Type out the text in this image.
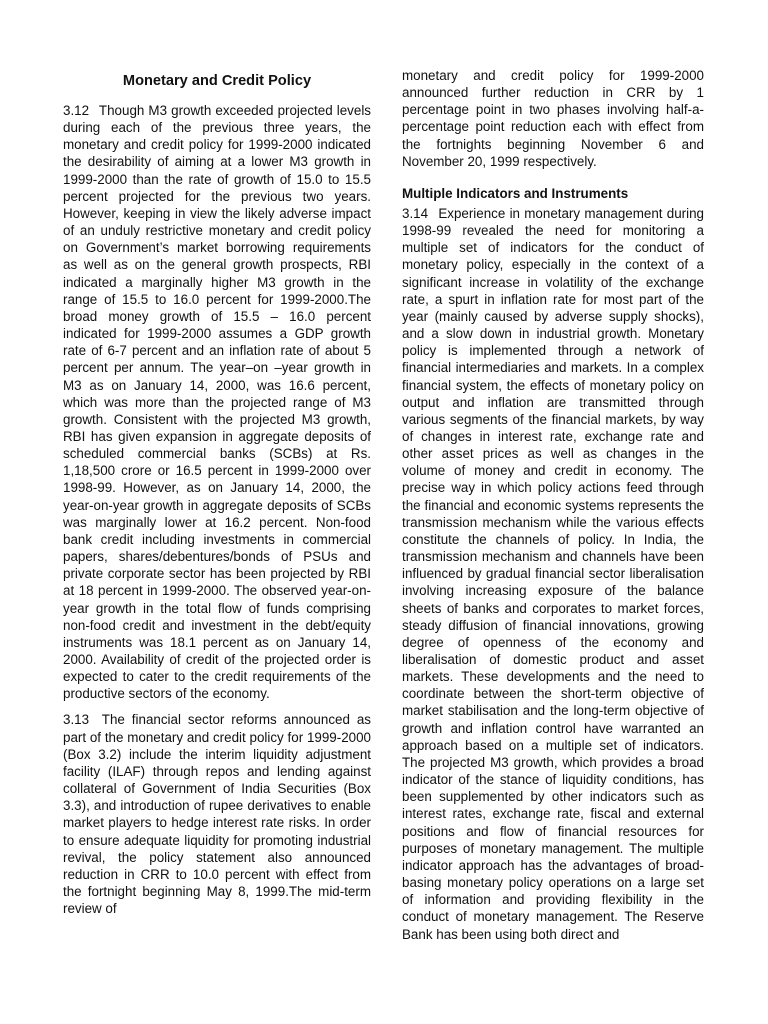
Monetary and Credit Policy

3.12 Though M3 growth exceeded projected levels during each of the previous three years, the monetary and credit policy for 1999-2000 indicated the desirability of aiming at a lower M3 growth in 1999-2000 than the rate of growth of 15.0 to 15.5 percent projected for the previous two years. However, keeping in view the likely adverse impact of an unduly restrictive monetary and credit policy on Government’s market borrowing requirements as well as on the general growth prospects, RBI indicated a marginally higher M3 growth in the range of 15.5 to 16.0 percent for 1999-2000.The broad money growth of 15.5 – 16.0 percent indicated for 1999-2000 assumes a GDP growth rate of 6-7 percent and an inflation rate of about 5 percent per annum. The year–on –year growth in M3 as on January 14, 2000, was 16.6 percent, which was more than the projected range of M3 growth. Consistent with the projected M3 growth, RBI has given expansion in aggregate deposits of scheduled commercial banks (SCBs) at Rs. 1,18,500 crore or 16.5 percent in 1999-2000 over 1998-99. However, as on January 14, 2000, the year-on-year growth in aggregate deposits of SCBs was marginally lower at 16.2 percent. Non-food bank credit including investments in commercial papers, shares/debentures/bonds of PSUs and private corporate sector has been projected by RBI at 18 percent in 1999-2000. The observed year-on-year growth in the total flow of funds comprising non-food credit and investment in the debt/equity instruments was 18.1 percent as on January 14, 2000. Availability of credit of the projected order is expected to cater to the credit requirements of the productive sectors of the economy.

3.13 The financial sector reforms announced as part of the monetary and credit policy for 1999-2000 (Box 3.2) include the interim liquidity adjustment facility (ILAF) through repos and lending against collateral of Government of India Securities (Box 3.3), and introduction of rupee derivatives to enable market players to hedge interest rate risks. In order to ensure adequate liquidity for promoting industrial revival, the policy statement also announced reduction in CRR to 10.0 percent with effect from the fortnight beginning May 8, 1999.The mid-term review of

monetary and credit policy for 1999-2000 announced further reduction in CRR by 1 percentage point in two phases involving half-a-percentage point reduction each with effect from the fortnights beginning November 6 and November 20, 1999 respectively.

Multiple Indicators and Instruments

3.14 Experience in monetary management during 1998-99 revealed the need for monitoring a multiple set of indicators for the conduct of monetary policy, especially in the context of a significant increase in volatility of the exchange rate, a spurt in inflation rate for most part of the year (mainly caused by adverse supply shocks), and a slow down in industrial growth. Monetary policy is implemented through a network of financial intermediaries and markets. In a complex financial system, the effects of monetary policy on output and inflation are transmitted through various segments of the financial markets, by way of changes in interest rate, exchange rate and other asset prices as well as changes in the volume of money and credit in economy. The precise way in which policy actions feed through the financial and economic systems represents the transmission mechanism while the various effects constitute the channels of policy. In India, the transmission mechanism and channels have been influenced by gradual financial sector liberalisation involving increasing exposure of the balance sheets of banks and corporates to market forces, steady diffusion of financial innovations, growing degree of openness of the economy and liberalisation of domestic product and asset markets. These developments and the need to coordinate between the short-term objective of market stabilisation and the long-term objective of growth and inflation control have warranted an approach based on a multiple set of indicators. The projected M3 growth, which provides a broad indicator of the stance of liquidity conditions, has been supplemented by other indicators such as interest rates, exchange rate, fiscal and external positions and flow of financial resources for purposes of monetary management. The multiple indicator approach has the advantages of broad-basing monetary policy operations on a large set of information and providing flexibility in the conduct of monetary management. The Reserve Bank has been using both direct and
